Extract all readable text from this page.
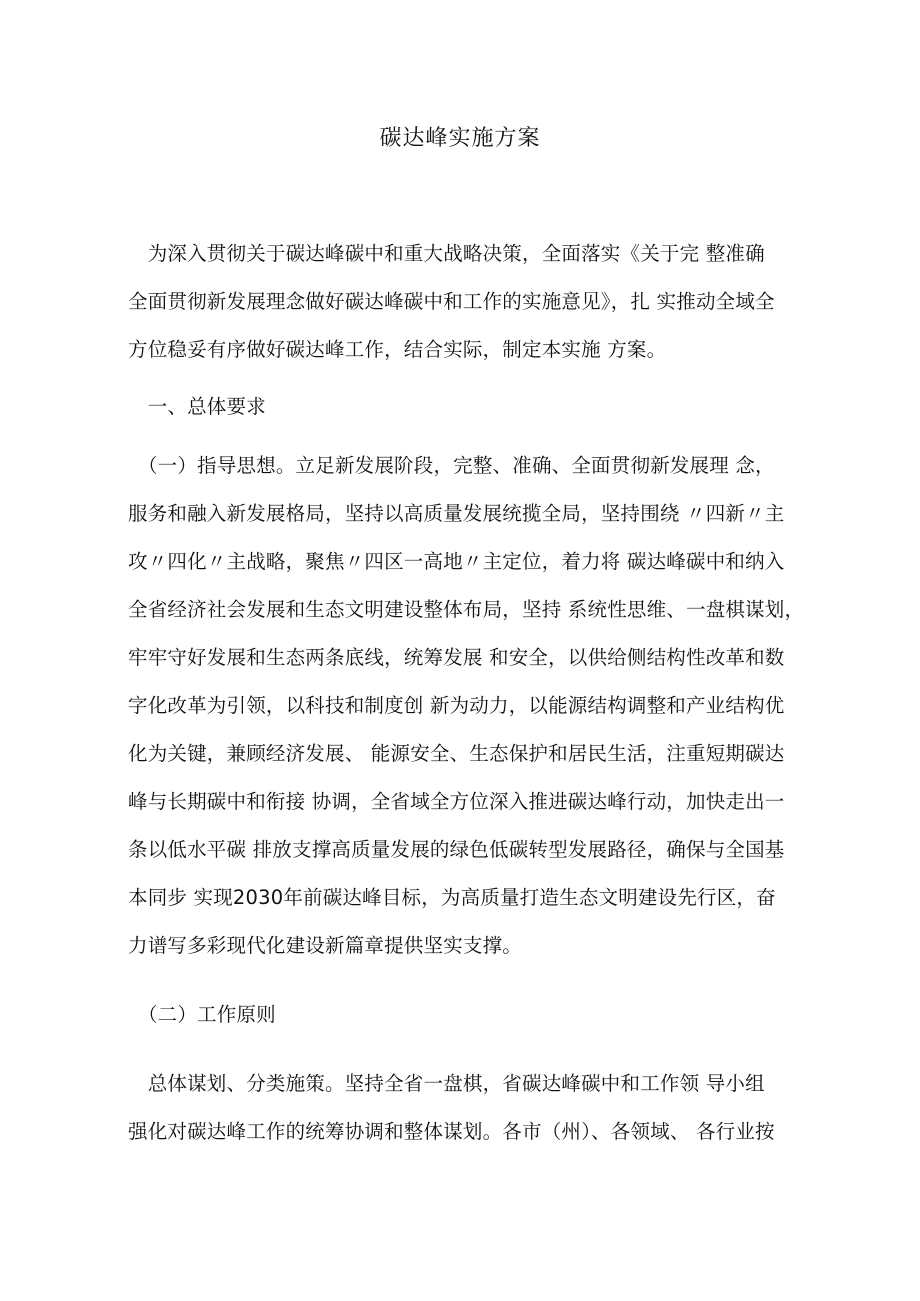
碳达峰实施方案
　为深入贯彻关于碳达峰碳中和重大战略决策，全面落实《关于完 整准确
全面贯彻新发展理念做好碳达峰碳中和工作的实施意见》，扎 实推动全域全
方位稳妥有序做好碳达峰工作，结合实际，制定本实施 方案。
　一、总体要求
　（一）指导思想。立足新发展阶段，完整、准确、全面贯彻新发展理 念，
服务和融入新发展格局，坚持以高质量发展统揽全局，坚持围绕 〃四新〃主
攻〃四化〃主战略，聚焦〃四区一高地〃主定位，着力将 碳达峰碳中和纳入
全省经济社会发展和生态文明建设整体布局，坚持 系统性思维、一盘棋谋划，
牢牢守好发展和生态两条底线，统筹发展 和安全，以供给侧结构性改革和数
字化改革为引领，以科技和制度创 新为动力，以能源结构调整和产业结构优
化为关键，兼顾经济发展、 能源安全、生态保护和居民生活，注重短期碳达
峰与长期碳中和衔接 协调，全省域全方位深入推进碳达峰行动，加快走出一
条以低水平碳 排放支撑高质量发展的绿色低碳转型发展路径，确保与全国基
本同步 实现2030年前碳达峰目标，为高质量打造生态文明建设先行区，奋
力谱写多彩现代化建设新篇章提供坚实支撑。
　（二）工作原则
　总体谋划、分类施策。坚持全省一盘棋，省碳达峰碳中和工作领 导小组
强化对碳达峰工作的统筹协调和整体谋划。各市（州）、各领域、 各行业按
